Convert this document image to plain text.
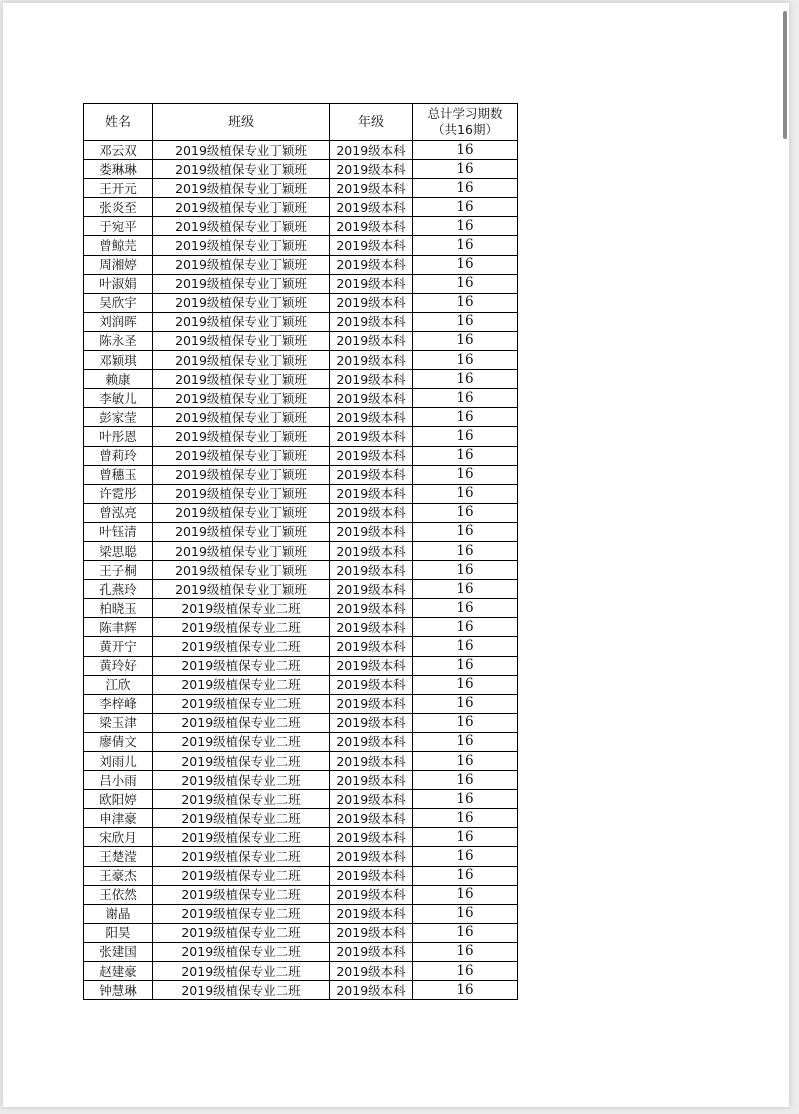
姓名	班级	年级	总计学习期数
（共16期）

邓云双	2019级植保专业丁颖班	2019级本科	16
娄琳琳	2019级植保专业丁颖班	2019级本科	16
王开元	2019级植保专业丁颖班	2019级本科	16
张炎至	2019级植保专业丁颖班	2019级本科	16
于宛平	2019级植保专业丁颖班	2019级本科	16
曾鲸芫	2019级植保专业丁颖班	2019级本科	16
周湘婷	2019级植保专业丁颖班	2019级本科	16
叶淑娟	2019级植保专业丁颖班	2019级本科	16
吴欣宇	2019级植保专业丁颖班	2019级本科	16
刘润晖	2019级植保专业丁颖班	2019级本科	16
陈永圣	2019级植保专业丁颖班	2019级本科	16
邓颖琪	2019级植保专业丁颖班	2019级本科	16
赖康	2019级植保专业丁颖班	2019级本科	16
李敏儿	2019级植保专业丁颖班	2019级本科	16
彭家莹	2019级植保专业丁颖班	2019级本科	16
叶彤恩	2019级植保专业丁颖班	2019级本科	16
曾莉玲	2019级植保专业丁颖班	2019级本科	16
曾穗玉	2019级植保专业丁颖班	2019级本科	16
许霓彤	2019级植保专业丁颖班	2019级本科	16
曾泓亮	2019级植保专业丁颖班	2019级本科	16
叶钰清	2019级植保专业丁颖班	2019级本科	16
梁思聪	2019级植保专业丁颖班	2019级本科	16
王子桐	2019级植保专业丁颖班	2019级本科	16
孔燕玲	2019级植保专业丁颖班	2019级本科	16
柏晓玉	2019级植保专业二班	2019级本科	16
陈聿辉	2019级植保专业二班	2019级本科	16
黄开宁	2019级植保专业二班	2019级本科	16
黄玲好	2019级植保专业二班	2019级本科	16
江欣	2019级植保专业二班	2019级本科	16
李梓峰	2019级植保专业二班	2019级本科	16
梁玉津	2019级植保专业二班	2019级本科	16
廖倩文	2019级植保专业二班	2019级本科	16
刘雨儿	2019级植保专业二班	2019级本科	16
吕小雨	2019级植保专业二班	2019级本科	16
欧阳婷	2019级植保专业二班	2019级本科	16
申津豪	2019级植保专业二班	2019级本科	16
宋欣月	2019级植保专业二班	2019级本科	16
王楚滢	2019级植保专业二班	2019级本科	16
王豪杰	2019级植保专业二班	2019级本科	16
王依然	2019级植保专业二班	2019级本科	16
谢晶	2019级植保专业二班	2019级本科	16
阳昊	2019级植保专业二班	2019级本科	16
张建国	2019级植保专业二班	2019级本科	16
赵建豪	2019级植保专业二班	2019级本科	16
钟慧琳	2019级植保专业二班	2019级本科	16
